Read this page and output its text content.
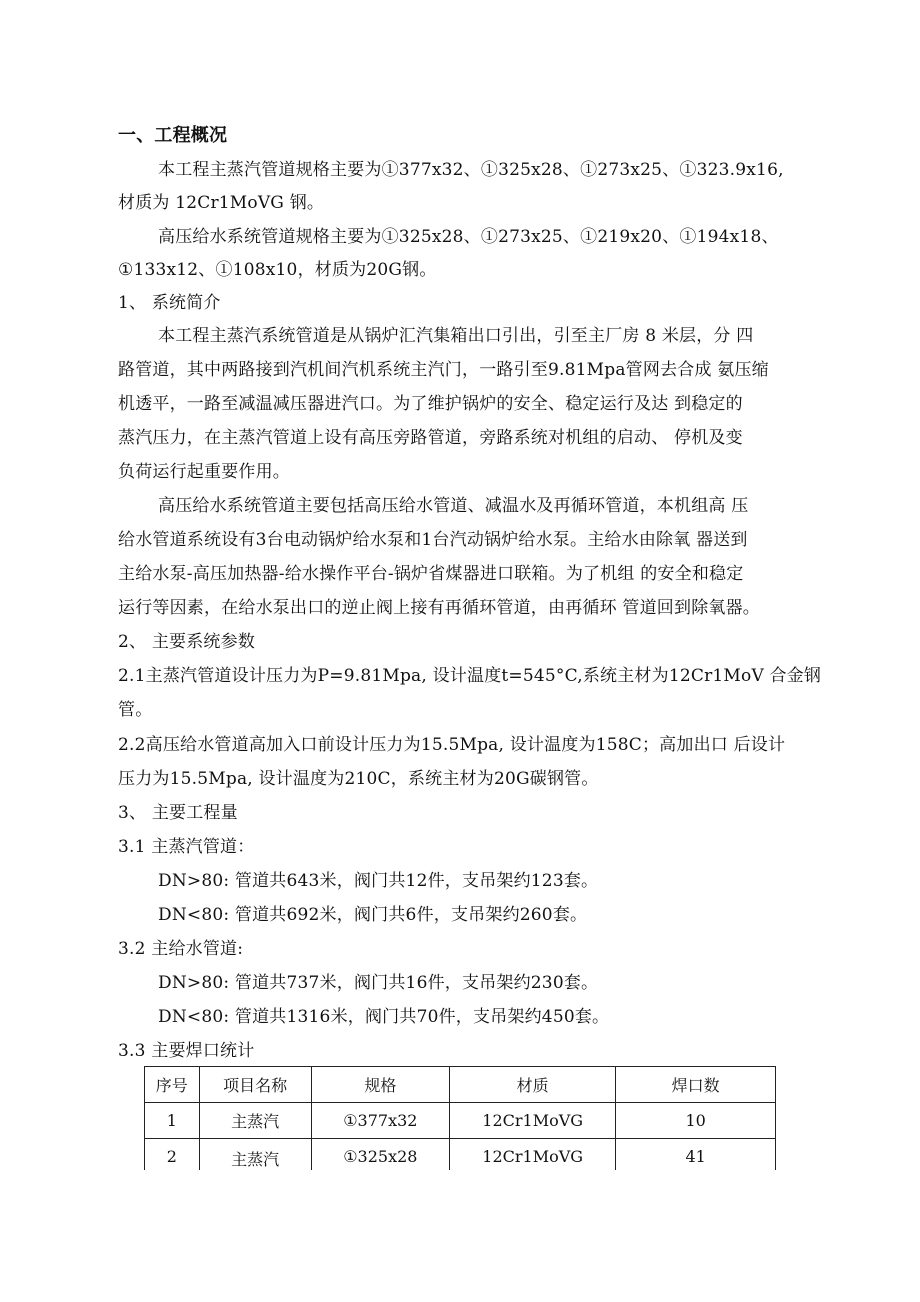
一、工程概况
本工程主蒸汽管道规格主要为①377x32、①325x28、①273x25、①323.9x16,
材质为 12Cr1MoVG 钢。
高压给水系统管道规格主要为①325x28、①273x25、①219x20、①194x18、
①133x12、①108x10，材质为20G钢。
1、 系统简介
本工程主蒸汽系统管道是从锅炉汇汽集箱出口引出，引至主厂房 8 米层，分 四
路管道，其中两路接到汽机间汽机系统主汽门，一路引至9.81Mpa管网去合成 氨压缩
机透平，一路至减温减压器进汽口。为了维护锅炉的安全、稳定运行及达 到稳定的
蒸汽压力，在主蒸汽管道上设有高压旁路管道，旁路系统对机组的启动、 停机及变
负荷运行起重要作用。
高压给水系统管道主要包括高压给水管道、减温水及再循环管道，本机组高 压
给水管道系统设有3台电动锅炉给水泵和1台汽动锅炉给水泵。主给水由除氧 器送到
主给水泵-高压加热器-给水操作平台-锅炉省煤器进口联箱。为了机组 的安全和稳定
运行等因素，在给水泵出口的逆止阀上接有再循环管道，由再循环 管道回到除氧器。
2、 主要系统参数
2.1主蒸汽管道设计压力为P=9.81Mpa, 设计温度t=545°C,系统主材为12Cr1MoV 合金钢
管。
2.2高压给水管道高加入口前设计压力为15.5Mpa, 设计温度为158C；高加出口 后设计
压力为15.5Mpa, 设计温度为210C，系统主材为20G碳钢管。
3、 主要工程量
3.1 主蒸汽管道：
DN>80: 管道共643米，阀门共12件，支吊架约123套。
DN<80: 管道共692米，阀门共6件，支吊架约260套。
3.2 主给水管道:
DN>80: 管道共737米，阀门共16件，支吊架约230套。
DN<80: 管道共1316米，阀门共70件，支吊架约450套。
3.3 主要焊口统计
序号	项目名称	规格	材质	焊口数
1	主蒸汽	①377x32	12Cr1MoVG	10
2	主蒸汽	①325x28	12Cr1MoVG	41
